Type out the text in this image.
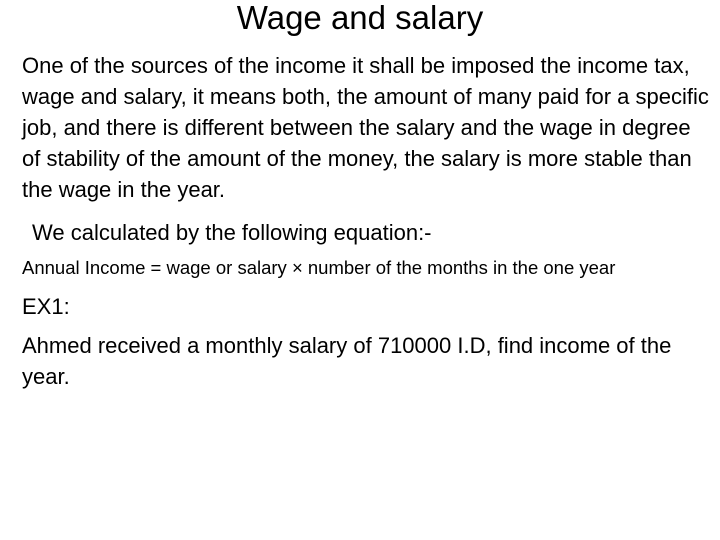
Wage and salary

One of the sources of the income it shall be imposed the income tax, wage and salary, it means both, the amount of many paid for a specific job, and there is different between the salary and the wage in degree of stability of the amount of the money, the salary is more stable than the wage in the year.

We calculated by the following equation:-

Annual Income = wage or salary × number of the months in the one year

EX1:

Ahmed received a monthly salary of 710000 I.D, find income of the year.
